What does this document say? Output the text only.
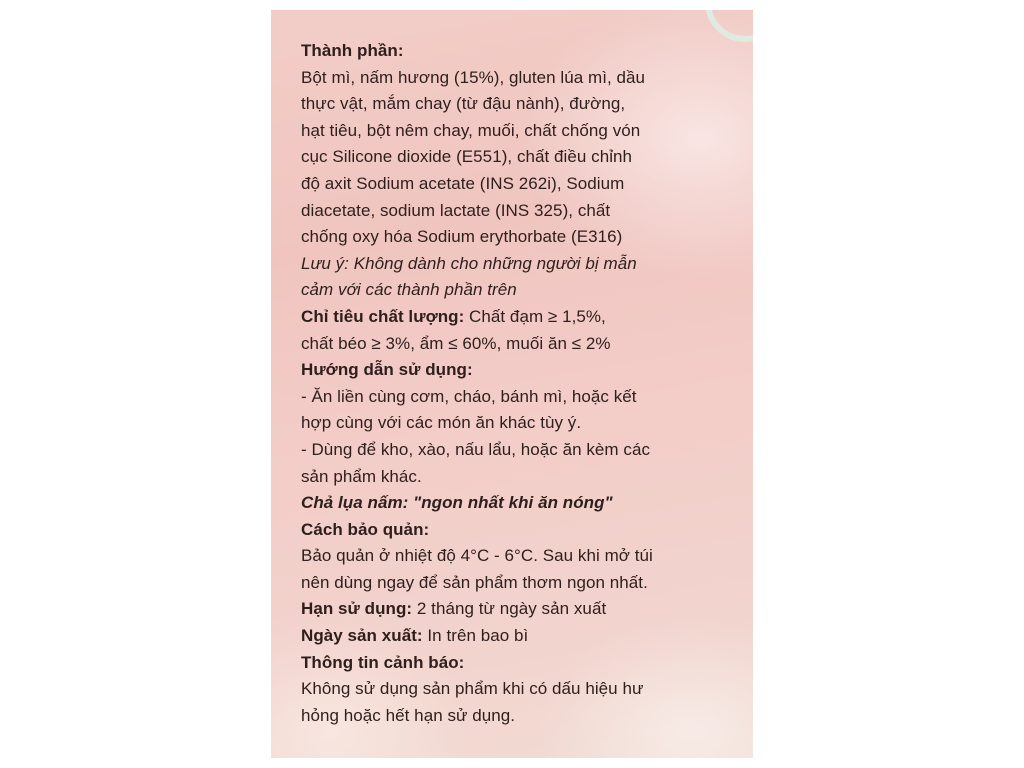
Thành phần:
Bột mì, nấm hương (15%), gluten lúa mì, dầu
thực vật, mắm chay (từ đậu nành), đường,
hạt tiêu, bột nêm chay, muối, chất chống vón
cục Silicone dioxide (E551), chất điều chỉnh
độ axit Sodium acetate (INS 262i), Sodium
diacetate, sodium lactate (INS 325), chất
chống oxy hóa Sodium erythorbate (E316)
Lưu ý: Không dành cho những người bị mẫn
cảm với các thành phần trên
Chỉ tiêu chất lượng: Chất đạm ≥ 1,5%,
chất béo ≥ 3%, ẩm ≤ 60%, muối ăn ≤ 2%
Hướng dẫn sử dụng:
- Ăn liền cùng cơm, cháo, bánh mì, hoặc kết
hợp cùng với các món ăn khác tùy ý.
- Dùng để kho, xào, nấu lẩu, hoặc ăn kèm các
sản phẩm khác.
Chả lụa nấm: "ngon nhất khi ăn nóng"
Cách bảo quản:
Bảo quản ở nhiệt độ 4°C - 6°C. Sau khi mở túi
nên dùng ngay để sản phẩm thơm ngon nhất.
Hạn sử dụng: 2 tháng từ ngày sản xuất
Ngày sản xuất: In trên bao bì
Thông tin cảnh báo:
Không sử dụng sản phẩm khi có dấu hiệu hư
hỏng hoặc hết hạn sử dụng.
